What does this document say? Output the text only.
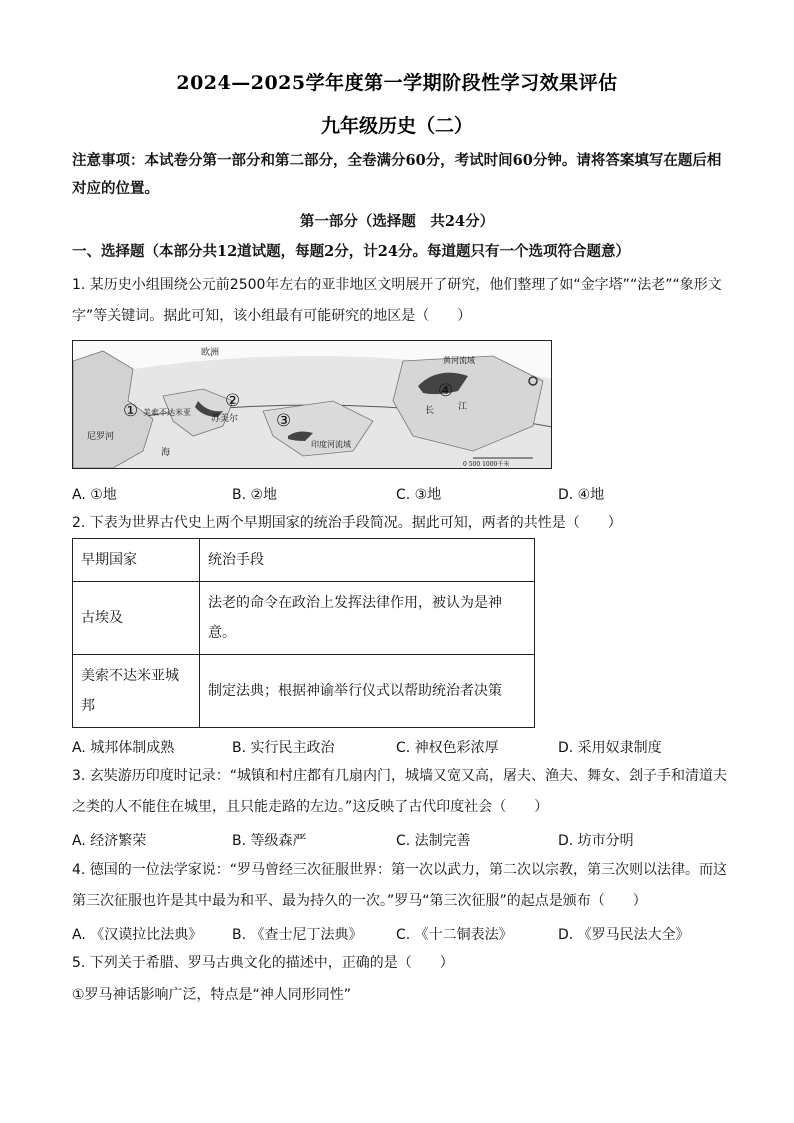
2024—2025学年度第一学期阶段性学习效果评估
九年级历史（二）
注意事项：本试卷分第一部分和第二部分，全卷满分60分，考试时间60分钟。请将答案填写在题后相对应的位置。
第一部分（选择题　共24分）
一、选择题（本部分共12道试题，每题2分，计24分。每道题只有一个选项符合题意）
1. 某历史小组围绕公元前2500年左右的亚非地区文明展开了研究，他们整理了如“金字塔”“法老”“象形文字”等关键词。据此可知，该小组最有可能研究的地区是（　　）
欧洲
美索不达米亚
苏美尔
尼罗河
黄河流域
印度河流域
海
江
长
①	②
③
④
0 500 1000千米
A. ①地	B. ②地	C. ③地	D. ④地
2. 下表为世界古代史上两个早期国家的统治手段简况。据此可知，两者的共性是（　　）
早期国家	统治手段
古埃及	法老的命令在政治上发挥法律作用，被认为是神意。
美索不达米亚城邦	制定法典；根据神谕举行仪式以帮助统治者决策
A. 城邦体制成熟	B. 实行民主政治	C. 神权色彩浓厚	D. 采用奴隶制度
3. 玄奘游历印度时记录：“城镇和村庄都有几扇内门，城墙又宽又高，屠夫、渔夫、舞女、刽子手和清道夫之类的人不能住在城里，且只能走路的左边。”这反映了古代印度社会（　　）
A. 经济繁荣	B. 等级森严	C. 法制完善	D. 坊市分明
4. 德国的一位法学家说：“罗马曾经三次征服世界：第一次以武力，第二次以宗教，第三次则以法律。而这第三次征服也许是其中最为和平、最为持久的一次。”罗马“第三次征服”的起点是颁布（　　）
A. 《汉谟拉比法典》 B. 《查士尼丁法典》 C. 《十二铜表法》	D. 《罗马民法大全》
5. 下列关于希腊、罗马古典文化的描述中，正确的是（　　）
①罗马神话影响广泛，特点是“神人同形同性”
